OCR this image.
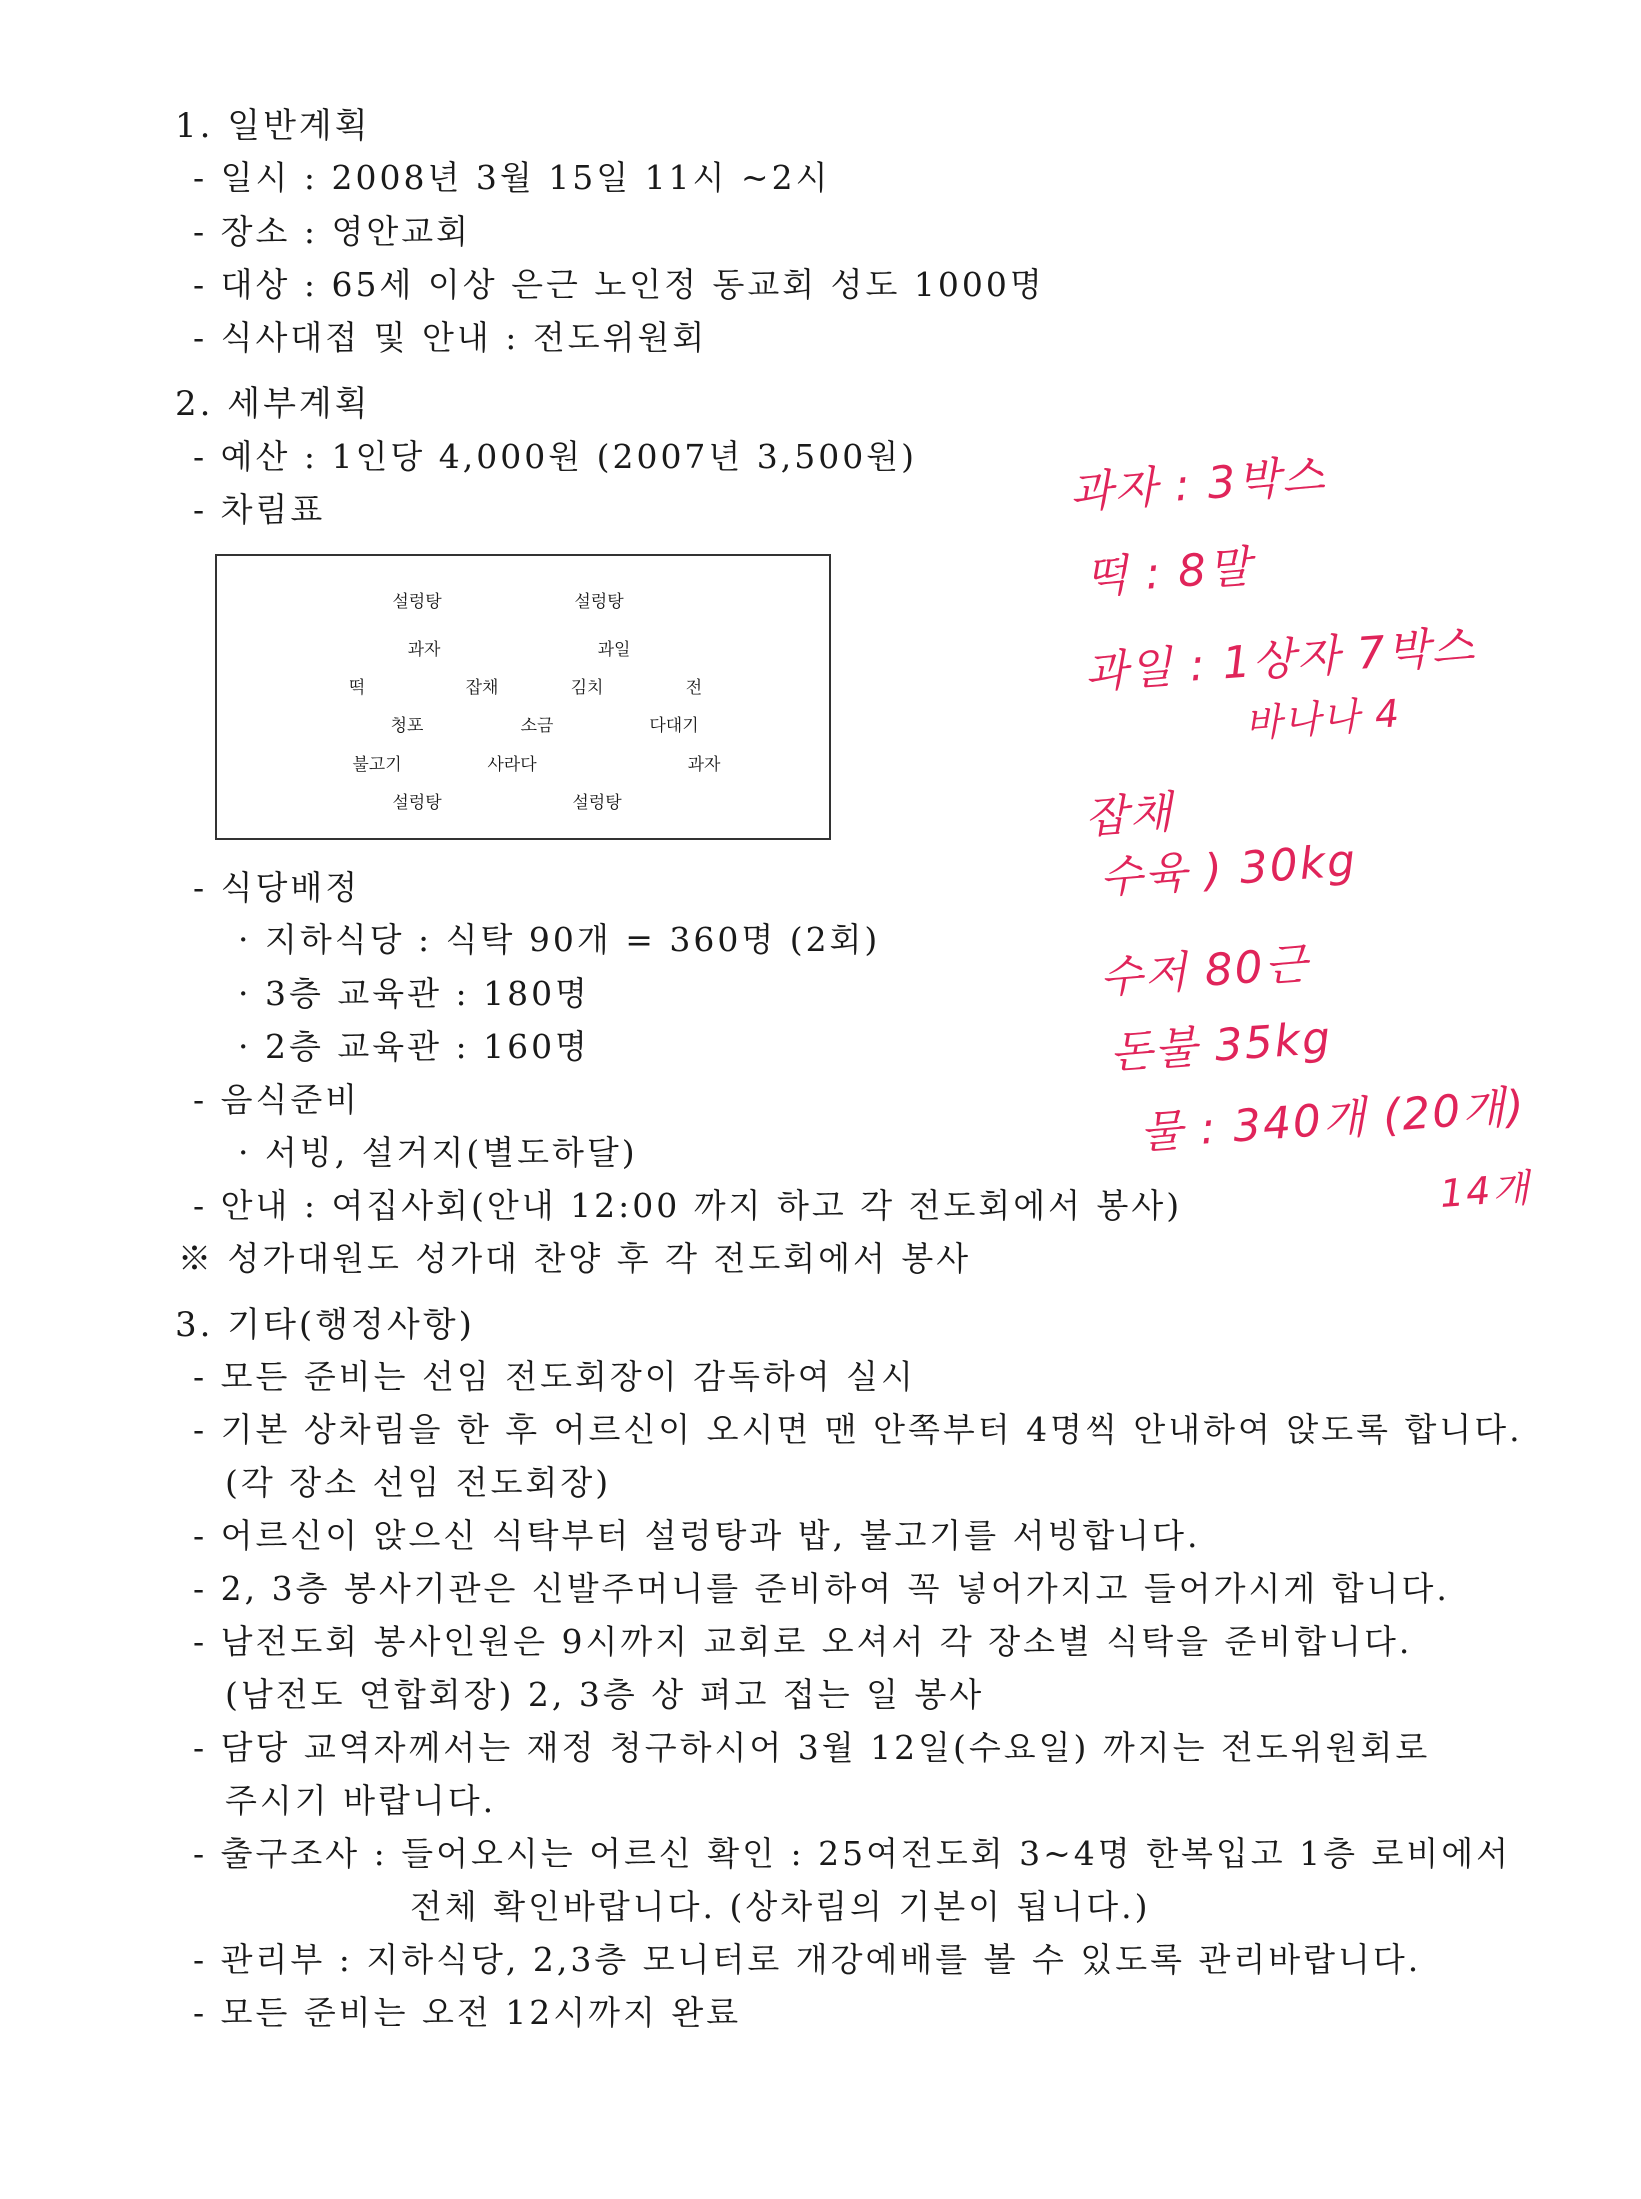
1. 일반계획
- 일시 : 2008년 3월 15일 11시 ~2시
- 장소 : 영안교회
- 대상 : 65세 이상 은근 노인정 동교회 성도 1000명
- 식사대접 및 안내 : 전도위원회
2. 세부계획
- 예산 : 1인당 4,000원 (2007년 3,500원)
- 차림표
설렁탕	설렁탕
과자	과일
떡	잡채	김치	전
청포	소금	다대기
불고기	사라다	과자
설렁탕	설렁탕
- 식당배정
· 지하식당 : 식탁 90개 = 360명 (2회)
· 3층 교육관 : 180명
· 2층 교육관 : 160명
- 음식준비
· 서빙, 설거지(별도하달)
- 안내 : 여집사회(안내 12:00 까지 하고 각 전도회에서 봉사)
※ 성가대원도 성가대 찬양 후 각 전도회에서 봉사
3. 기타(행정사항)
- 모든 준비는 선임 전도회장이 감독하여 실시
- 기본 상차림을 한 후 어르신이 오시면 맨 안쪽부터 4명씩 안내하여 앉도록 합니다.
(각 장소 선임 전도회장)
- 어르신이 앉으신 식탁부터 설렁탕과 밥, 불고기를 서빙합니다.
- 2, 3층 봉사기관은 신발주머니를 준비하여 꼭 넣어가지고 들어가시게 합니다.
- 남전도회 봉사인원은 9시까지 교회로 오셔서 각 장소별 식탁을 준비합니다.
(남전도 연합회장) 2, 3층 상 펴고 접는 일 봉사
- 담당 교역자께서는 재정 청구하시어 3월 12일(수요일) 까지는 전도위원회로
주시기 바랍니다.
- 출구조사 : 들어오시는 어르신 확인 : 25여전도회 3~4명 한복입고 1층 로비에서
전체 확인바랍니다. (상차림의 기본이 됩니다.)
- 관리부 : 지하식당, 2,3층 모니터로 개강예배를 볼 수 있도록 관리바랍니다.
- 모든 준비는 오전 12시까지 완료
과자 : 3박스
떡 : 8말
과일 : 1상자 7박스
바나나 4
잡채
수육 ) 30kg
수저 80근
돈불 35kg
물 : 340개 (20개)
14개
